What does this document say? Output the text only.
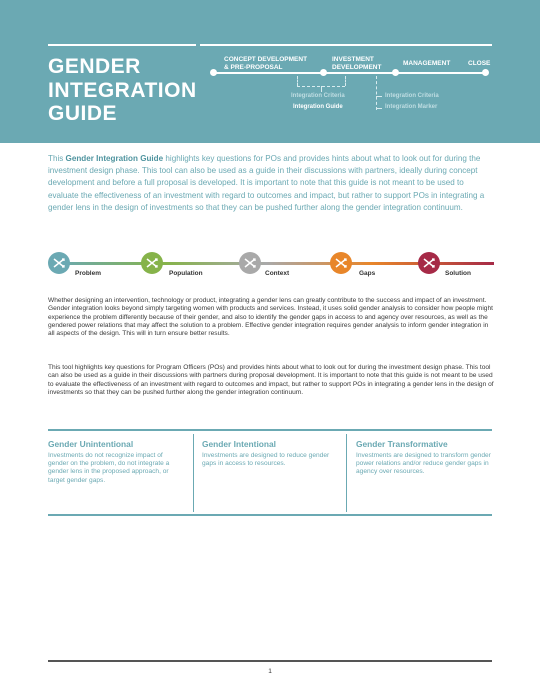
GENDER
INTEGRATION
GUIDE
CONCEPT DEVELOPMENT
& PRE-PROPOSAL
INVESTMENT
DEVELOPMENT	MANAGEMENT	CLOSE
Integration Criteria
Integration Guide
Integration Criteria
Integration Marker

This Gender Integration Guide highlights key questions for POs and provides hints about what to look out for during the investment design phase. This tool can also be used as a guide in their discussions with partners, ideally during concept development and before a full proposal is developed. It is important to note that this guide is not meant to be used to evaluate the effectiveness of an investment with regard to outcomes and impact, but rather to support POs in integrating a gender lens in the design of investments so that they can be pushed further along the gender integration continuum.

Problem	Population	Context	Gaps	Solution

Whether designing an intervention, technology or product, integrating a gender lens can greatly contribute to the success and impact of an investment. Gender integration looks beyond simply targeting women with products and services. Instead, it uses solid gender analysis to consider how people might experience the problem differently because of their gender, and also to identify the gender gaps in access to and agency over resources, as well as the gendered power relations that may affect the solution to a problem. Effective gender integration requires gender analysis to inform gender integration in all aspects of the design. This will in turn ensure better results.

This tool highlights key questions for Program Officers (POs) and provides hints about what to look out for during the investment design phase. This tool can also be used as a guide in their discussions with partners during proposal development. It is important to note that this guide is not meant to be used to evaluate the effectiveness of an investment with regard to outcomes and impact, but rather to support POs in integrating a gender lens in the design of investments so that they can be pushed further along the gender integration continuum.

Gender Unintentional

Investments do not recognize impact of gender on the problem, do not integrate a gender lens in the proposed approach, or target gender gaps.

Gender Intentional

Investments are designed to reduce gender gaps in access to resources.

Gender Transformative

Investments are designed to transform gender power relations and/or reduce gender gaps in agency over resources.

1
